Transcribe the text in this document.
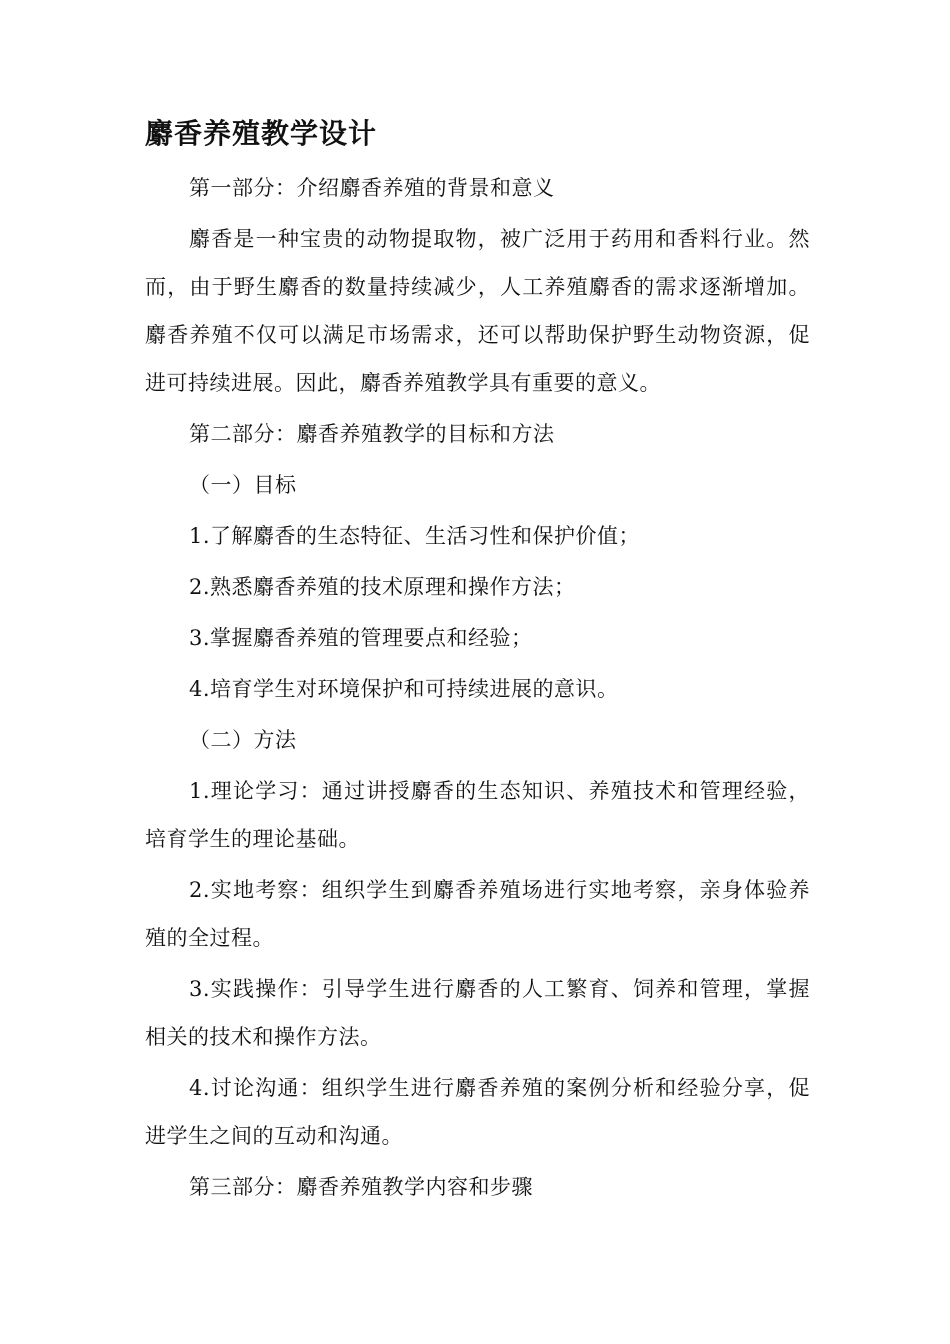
麝香养殖教学设计

第一部分：介绍麝香养殖的背景和意义

麝香是一种宝贵的动物提取物，被广泛用于药用和香料行业。然而，由于野生麝香的数量持续减少，人工养殖麝香的需求逐渐增加。麝香养殖不仅可以满足市场需求，还可以帮助保护野生动物资源，促进可持续进展。因此，麝香养殖教学具有重要的意义。

第二部分：麝香养殖教学的目标和方法

（一）目标

1.了解麝香的生态特征、生活习性和保护价值；

2.熟悉麝香养殖的技术原理和操作方法；

3.掌握麝香养殖的管理要点和经验；

4.培育学生对环境保护和可持续进展的意识。

（二）方法

1.理论学习：通过讲授麝香的生态知识、养殖技术和管理经验，培育学生的理论基础。

2.实地考察：组织学生到麝香养殖场进行实地考察，亲身体验养殖的全过程。

3.实践操作：引导学生进行麝香的人工繁育、饲养和管理，掌握相关的技术和操作方法。

4.讨论沟通：组织学生进行麝香养殖的案例分析和经验分享，促进学生之间的互动和沟通。

第三部分：麝香养殖教学内容和步骤
